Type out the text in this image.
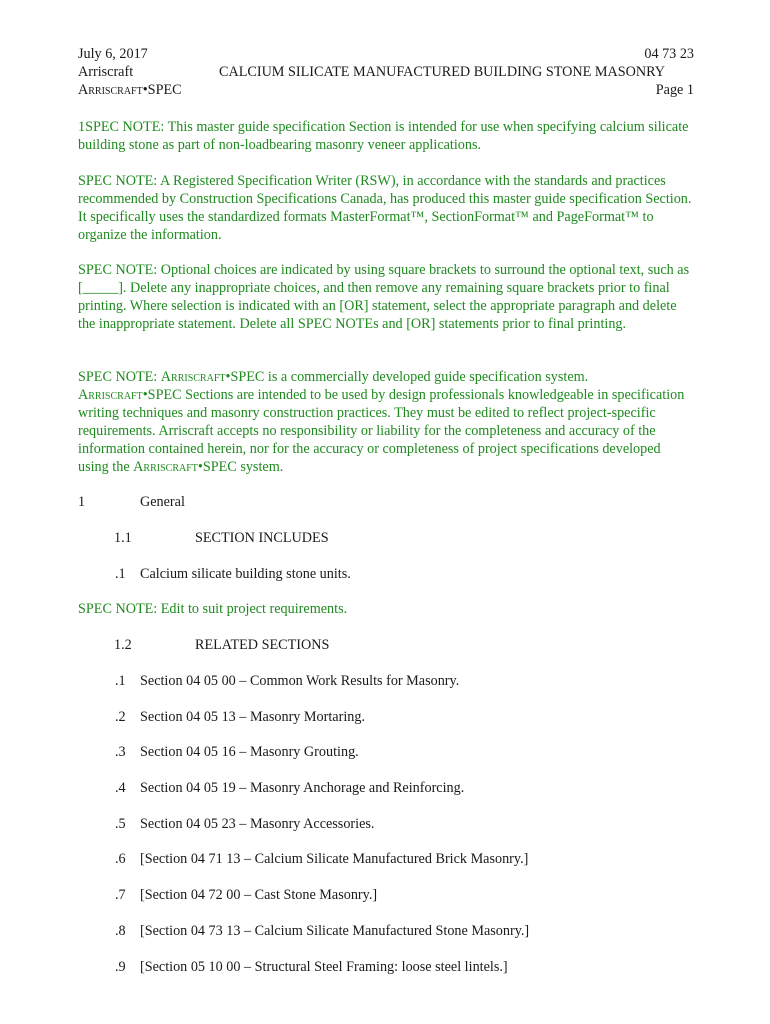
July 6, 2017	04 73 23
Arriscraft	CALCIUM SILICATE MANUFACTURED BUILDING STONE MASONRY
Arriscraft•SPEC	Page 1

1SPEC NOTE: This master guide specification Section is intended for use when specifying calcium silicate building stone as part of non-loadbearing masonry veneer applications.

SPEC NOTE: A Registered Specification Writer (RSW), in accordance with the standards and practices recommended by Construction Specifications Canada, has produced this master guide specification Section. It specifically uses the standardized formats MasterFormat™, SectionFormat™ and PageFormat™ to organize the information.

SPEC NOTE: Optional choices are indicated by using square brackets to surround the optional text, such as [_____]. Delete any inappropriate choices, and then remove any remaining square brackets prior to final printing. Where selection is indicated with an [OR] statement, select the appropriate paragraph and delete the inappropriate statement. Delete all SPEC NOTEs and [OR] statements prior to final printing.

SPEC NOTE: Arriscraft•SPEC is a commercially developed guide specification system.
Arriscraft•SPEC Sections are intended to be used by design professionals knowledgeable in specification writing techniques and masonry construction practices. They must be edited to reflect project-specific requirements. Arriscraft accepts no responsibility or liability for the completeness and accuracy of the information contained herein, nor for the accuracy or completeness of project specifications developed using the Arriscraft•SPEC system.

1	General
1.1	SECTION INCLUDES
.1 Calcium silicate building stone units.

SPEC NOTE: Edit to suit project requirements.

1.2	RELATED SECTIONS
.1 Section 04 05 00 – Common Work Results for Masonry.
.2 Section 04 05 13 – Masonry Mortaring.
.3 Section 04 05 16 – Masonry Grouting.
.4 Section 04 05 19 – Masonry Anchorage and Reinforcing.
.5 Section 04 05 23 – Masonry Accessories.
.6 [Section 04 71 13 – Calcium Silicate Manufactured Brick Masonry.]
.7 [Section 04 72 00 – Cast Stone Masonry.]
.8 [Section 04 73 13 – Calcium Silicate Manufactured Stone Masonry.]
.9 [Section 05 10 00 – Structural Steel Framing: loose steel lintels.]
